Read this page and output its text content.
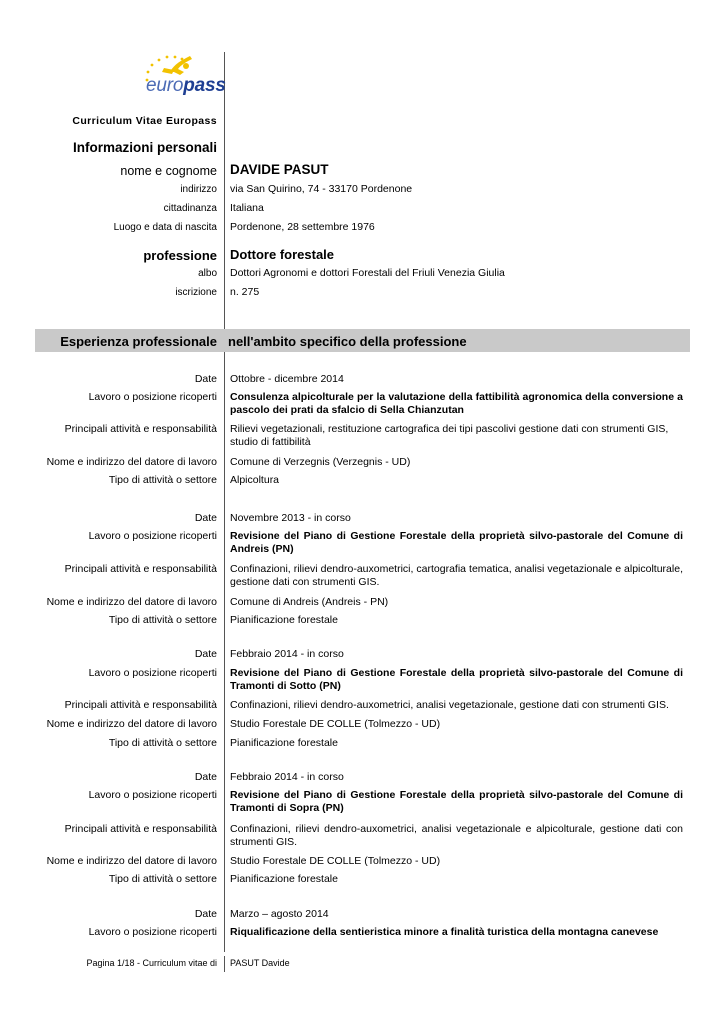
europass
Curriculum Vitae Europass
Informazioni personali
nome e cognome DAVIDE PASUT
indirizzo via San Quirino, 74 - 33170 Pordenone
cittadinanza Italiana
Luogo e data di nascita Pordenone, 28 settembre 1976
professione Dottore forestale
albo Dottori Agronomi e dottori Forestali del Friuli Venezia Giulia
iscrizione n. 275
Esperienza professionale nell'ambito specifico della professione
Date Ottobre - dicembre 2014
Lavoro o posizione ricoperti Consulenza alpicolturale per la valutazione della fattibilità agronomica della conversione a pascolo dei prati da sfalcio di Sella Chianzutan
Principali attività e responsabilità Rilievi vegetazionali, restituzione cartografica dei tipi pascolivi gestione dati con strumenti GIS, studio di fattibilità
Nome e indirizzo del datore di lavoro Comune di Verzegnis (Verzegnis - UD)
Tipo di attività o settore Alpicoltura
Date Novembre 2013 - in corso
Lavoro o posizione ricoperti Revisione del Piano di Gestione Forestale della proprietà silvo-pastorale del Comune di Andreis (PN)
Principali attività e responsabilità Confinazioni, rilievi dendro-auxometrici, cartografia tematica, analisi vegetazionale e alpicolturale, gestione dati con strumenti GIS.
Nome e indirizzo del datore di lavoro Comune di Andreis (Andreis - PN)
Tipo di attività o settore Pianificazione forestale
Date Febbraio 2014 - in corso
Lavoro o posizione ricoperti Revisione del Piano di Gestione Forestale della proprietà silvo-pastorale del Comune di Tramonti di Sotto (PN)
Principali attività e responsabilità Confinazioni, rilievi dendro-auxometrici, analisi vegetazionale, gestione dati con strumenti GIS.
Nome e indirizzo del datore di lavoro Studio Forestale DE COLLE (Tolmezzo - UD)
Tipo di attività o settore Pianificazione forestale
Date Febbraio 2014 - in corso
Lavoro o posizione ricoperti Revisione del Piano di Gestione Forestale della proprietà silvo-pastorale del Comune di Tramonti di Sopra (PN)
Principali attività e responsabilità Confinazioni, rilievi dendro-auxometrici, analisi vegetazionale e alpicolturale, gestione dati con strumenti GIS.
Nome e indirizzo del datore di lavoro Studio Forestale DE COLLE (Tolmezzo - UD)
Tipo di attività o settore Pianificazione forestale
Date Marzo – agosto 2014
Lavoro o posizione ricoperti Riqualificazione della sentieristica minore a finalità turistica della montagna canevese
Pagina 1/18 - Curriculum vitae di PASUT Davide
